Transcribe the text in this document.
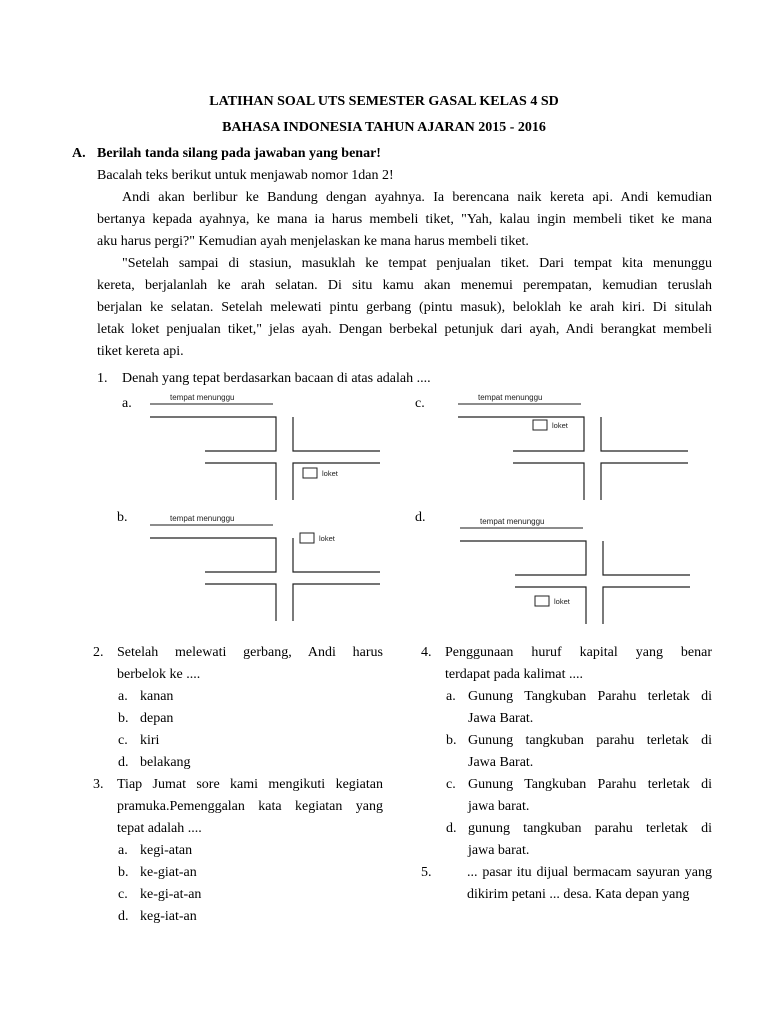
LATIHAN SOAL UTS SEMESTER GASAL KELAS 4 SD
BAHASA INDONESIA TAHUN AJARAN 2015 - 2016
A. Berilah tanda silang pada jawaban yang benar!
Bacalah teks berikut untuk menjawab nomor 1dan 2!
1. Denah yang tepat berdasarkan bacaan di atas adalah ....
Andi akan berlibur ke Bandung dengan ayahnya. Ia berencana naik kereta api. Andi kemudian
bertanya kepada ayahnya, ke mana ia harus membeli tiket, "Yah, kalau ingin membeli tiket ke mana
aku harus pergi?" Kemudian ayah menjelaskan ke mana harus membeli tiket.
"Setelah sampai di stasiun, masuklah ke tempat penjualan tiket. Dari tempat kita menunggu
kereta, berjalanlah ke arah selatan. Di situ kamu akan menemui perempatan, kemudian teruslah
berjalan ke selatan. Setelah melewati pintu gerbang (pintu masuk), beloklah ke arah kiri. Di situlah
letak loket penjualan tiket," jelas ayah. Dengan berbekal petunjuk dari ayah, Andi berangkat membeli
tiket kereta api.
a.	tempat menunggu
loket
b.	tempat menunggu
loket
c.	tempat menunggu
loket
d.	tempat menunggu
loket
2. Setelah melewati gerbang, Andi harus
berbelok ke ....
a. kanan
b. depan
c. kiri
d. belakang
3. Tiap Jumat sore kami mengikuti kegiatan
pramuka.Pemenggalan kata kegiatan yang
tepat adalah ....
a. kegi-atan
b. ke-giat-an
c. ke-gi-at-an
d. keg-iat-an
4. Penggunaan huruf kapital yang benar
terdapat pada kalimat ....
a. Gunung Tangkuban Parahu terletak di
Jawa Barat.
b. Gunung tangkuban parahu terletak di
Jawa Barat.
c. Gunung Tangkuban Parahu terletak di
jawa barat.
d. gunung tangkuban parahu terletak di
jawa barat.
5.	... pasar itu dijual bermacam sayuran yang
dikirim petani ... desa. Kata depan yang
